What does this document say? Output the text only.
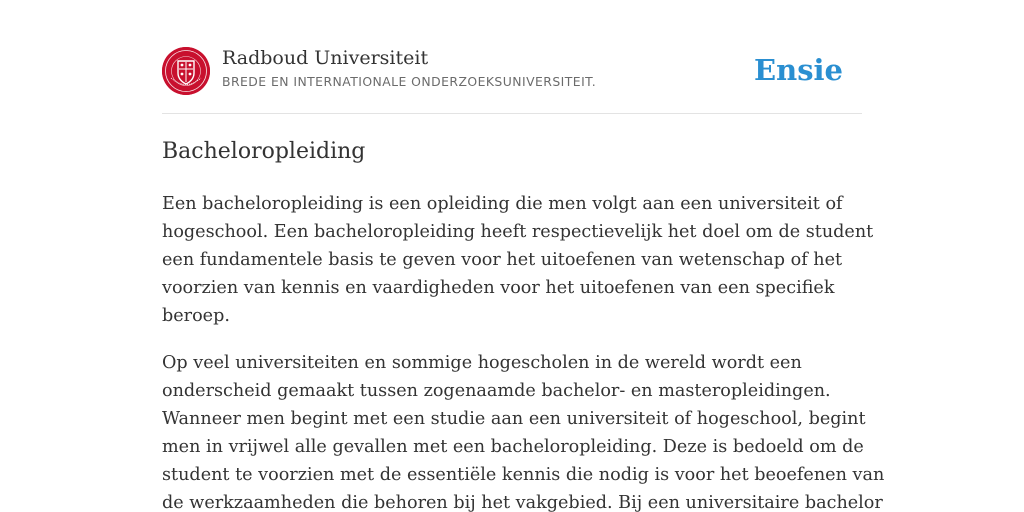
Radboud Universiteit
BREDE EN INTERNATIONALE ONDERZOEKSUNIVERSITEIT.	Ensie
Bacheloropleiding

Een bacheloropleiding is een opleiding die men volgt aan een universiteit of
hogeschool. Een bacheloropleiding heeft respectievelijk het doel om de student
een fundamentele basis te geven voor het uitoefenen van wetenschap of het
voorzien van kennis en vaardigheden voor het uitoefenen van een specifiek
beroep.

Op veel universiteiten en sommige hogescholen in de wereld wordt een
onderscheid gemaakt tussen zogenaamde bachelor- en masteropleidingen.
Wanneer men begint met een studie aan een universiteit of hogeschool, begint
men in vrijwel alle gevallen met een bacheloropleiding. Deze is bedoeld om de
student te voorzien met de essentiële kennis die nodig is voor het beoefenen van
de werkzaamheden die behoren bij het vakgebied. Bij een universitaire bachelor
